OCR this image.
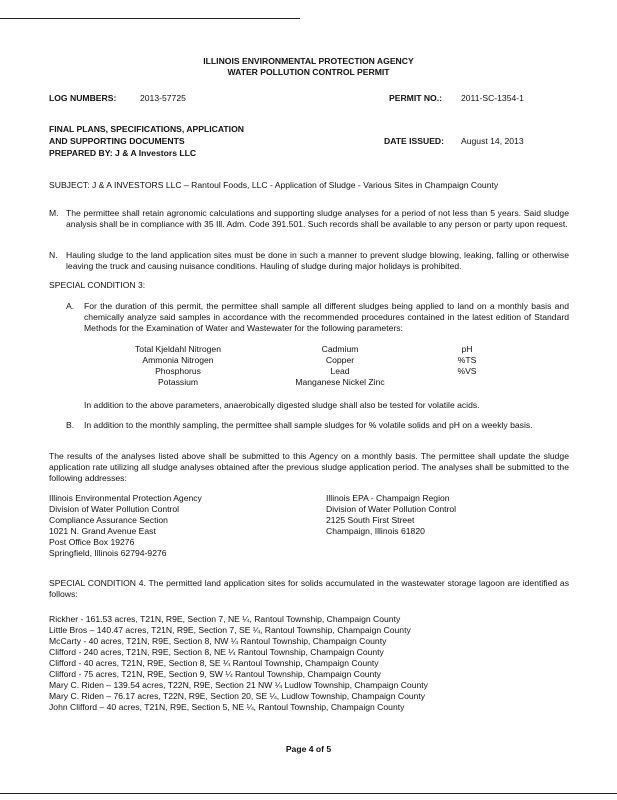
ILLINOIS ENVIRONMENTAL PROTECTION AGENCY
WATER POLLUTION CONTROL PERMIT
LOG NUMBERS:	2013-57725	PERMIT NO.: 2011-SC-1354-1
FINAL PLANS, SPECIFICATIONS, APPLICATION
AND SUPPORTING DOCUMENTS
PREPARED BY: J & A Investors LLC
DATE ISSUED: August 14, 2013
SUBJECT: J & A INVESTORS LLC – Rantoul Foods, LLC - Application of Sludge - Various Sites in Champaign County
M. The permittee shall retain agronomic calculations and supporting sludge analyses for a period of not less than 5 years. Said sludge analysis shall be in compliance with 35 Ill. Adm. Code 391.501. Such records shall be available to any person or party upon request.
N. Hauling sludge to the land application sites must be done in such a manner to prevent sludge blowing, leaking, falling or otherwise leaving the truck and causing nuisance conditions. Hauling of sludge during major holidays is prohibited.
SPECIAL CONDITION 3:
A. For the duration of this permit, the permittee shall sample all different sludges being applied to land on a monthly basis and chemically analyze said samples in accordance with the recommended procedures contained in the latest edition of Standard Methods for the Examination of Water and Wastewater for the following parameters:
Total Kjeldahl Nitrogen
Ammonia Nitrogen
Phosphorus
Potassium
Cadmium
Copper
Lead
Manganese Nickel Zinc
pH
%TS
%VS
In addition to the above parameters, anaerobically digested sludge shall also be tested for volatile acids.
B. In addition to the monthly sampling, the permittee shall sample sludges for % volatile solids and pH on a weekly basis.
The results of the analyses listed above shall be submitted to this Agency on a monthly basis. The permittee shall update the sludge application rate utilizing all sludge analyses obtained after the previous sludge application period. The analyses shall be submitted to the following addresses:
Illinois Environmental Protection Agency
Division of Water Pollution Control
Compliance Assurance Section
1021 N. Grand Avenue East
Post Office Box 19276
Springfield, Illinois 62794-9276
Illinois EPA - Champaign Region
Division of Water Pollution Control
2125 South First Street
Champaign, Illinois 61820
SPECIAL CONDITION 4. The permitted land application sites for solids accumulated in the wastewater storage lagoon are identified as follows:
Rickher - 161.53 acres, T21N, R9E, Section 7, NE ¼, Rantoul Township, Champaign County
Little Bros – 140.47 acres, T21N, R9E, Section 7, SE ¼, Rantoul Township, Champaign County
McCarty - 40 acres, T21N, R9E, Section 8, NW ¼ Rantoul Township, Champaign County
Clifford - 240 acres, T21N, R9E, Section 8, NE ¼ Rantoul Township, Champaign County
Clifford - 40 acres, T21N, R9E, Section 8, SE ¼ Rantoul Township, Champaign County
Clifford - 75 acres, T21N, R9E, Section 9, SW ¼ Rantoul Township, Champaign County
Mary C. Riden – 139.54 acres, T22N, R9E, Section 21 NW ¼ Ludlow Township, Champaign County
Mary C. Riden – 76.17 acres, T22N, R9E, Section 20, SE ¼, Ludlow Township, Champaign County
John Clifford – 40 acres, T21N, R9E, Section 5, NE ¼, Rantoul Township, Champaign County
Page 4 of 5
